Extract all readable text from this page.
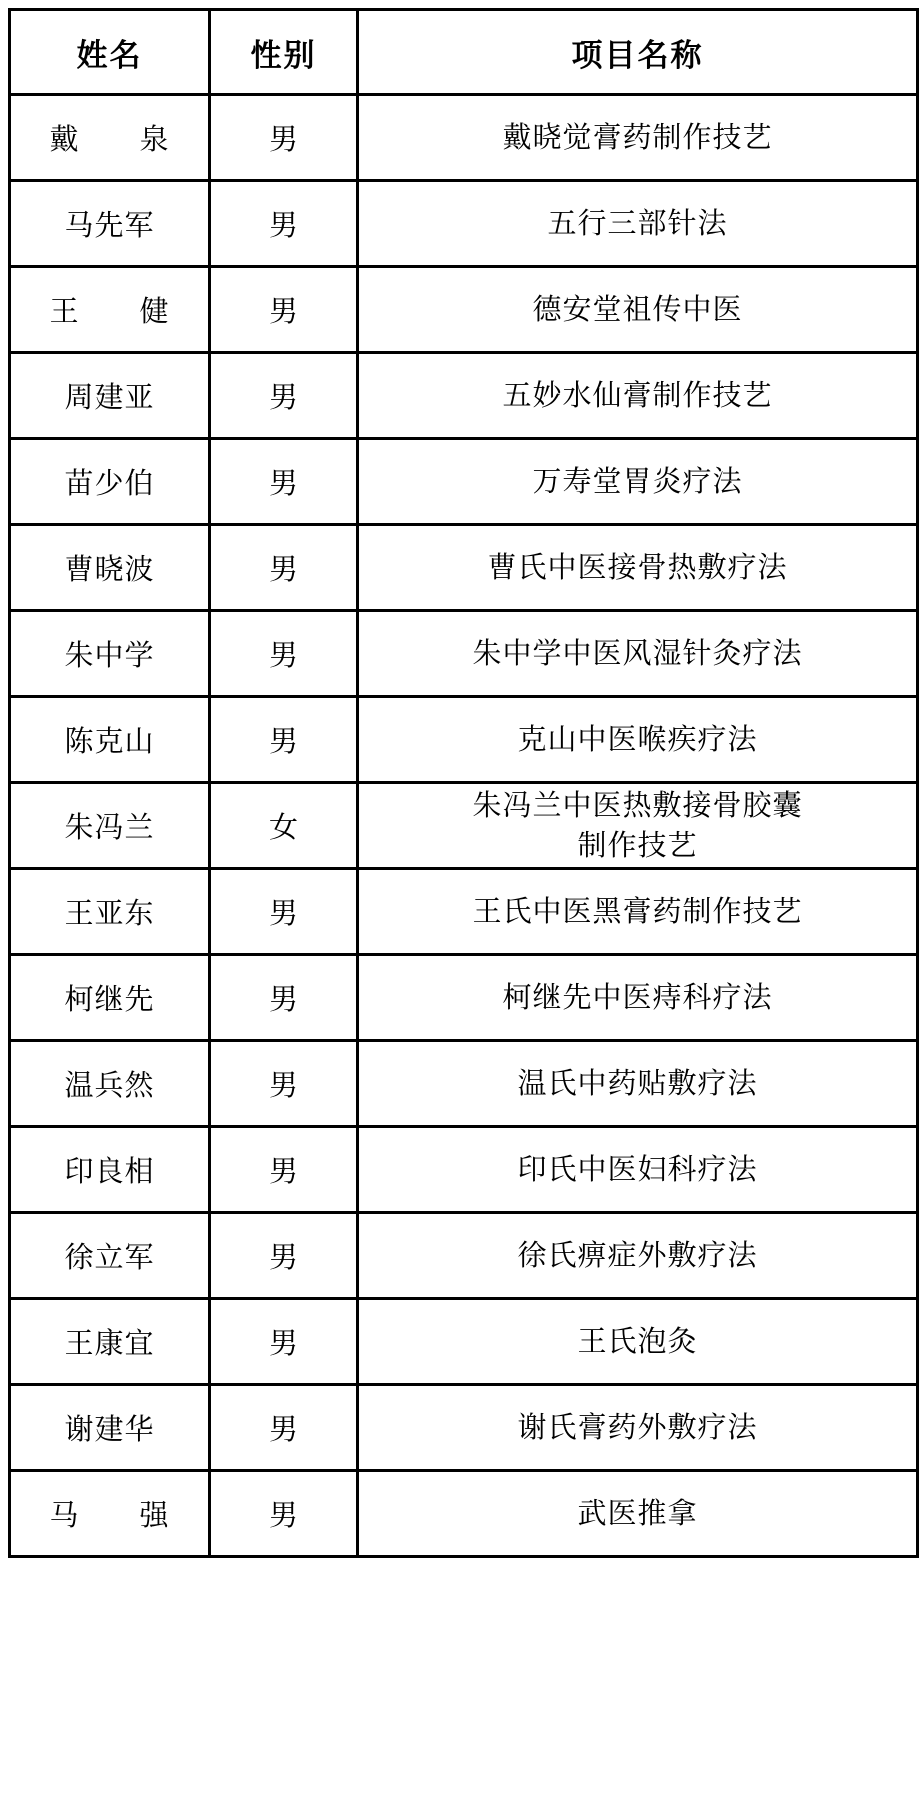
姓名	性别	项目名称
戴　　泉	男	戴晓觉膏药制作技艺
马先军	男	五行三部针法
王　　健	男	德安堂祖传中医
周建亚	男	五妙水仙膏制作技艺
苗少伯	男	万寿堂胃炎疗法
曹晓波	男	曹氏中医接骨热敷疗法
朱中学	男	朱中学中医风湿针灸疗法
陈克山	男	克山中医喉疾疗法
朱冯兰	女	朱冯兰中医热敷接骨胶囊
制作技艺

王亚东	男	王氏中医黑膏药制作技艺
柯继先	男	柯继先中医痔科疗法
温兵然	男	温氏中药贴敷疗法
印良相	男	印氏中医妇科疗法
徐立军	男	徐氏痹症外敷疗法
王康宜	男	王氏泡灸
谢建华	男	谢氏膏药外敷疗法
马　　强	男	武医推拿
